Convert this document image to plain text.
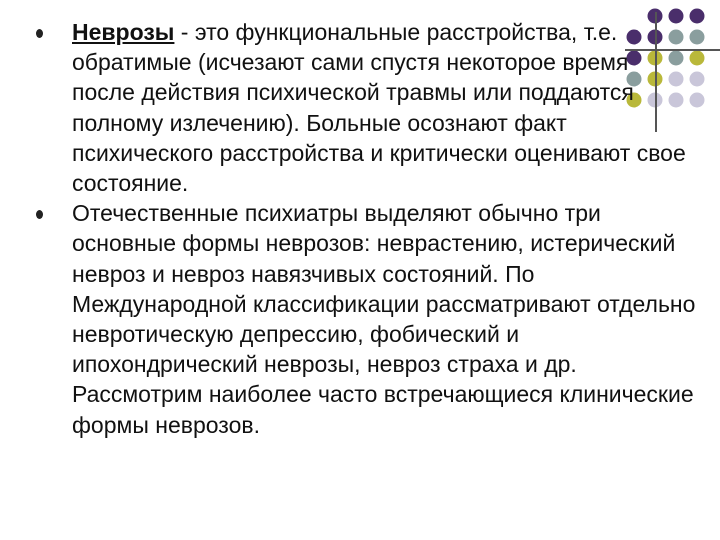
Неврозы - это функциональные расстройства, т.е. обратимые (исчезают сами спустя некоторое время после действия психической травмы или поддаются полному излечению). Больные осознают факт психического расстройства и критически оценивают свое состояние.
Отечественные психиатры выделяют обычно три основные формы неврозов: неврастению, истерический невроз и невроз навязчивых состояний. По Международной классификации рассматривают отдельно невротическую депрессию, фобический и ипохондрический неврозы, невроз страха и др. Рассмотрим наиболее часто встречающиеся клинические формы неврозов.
